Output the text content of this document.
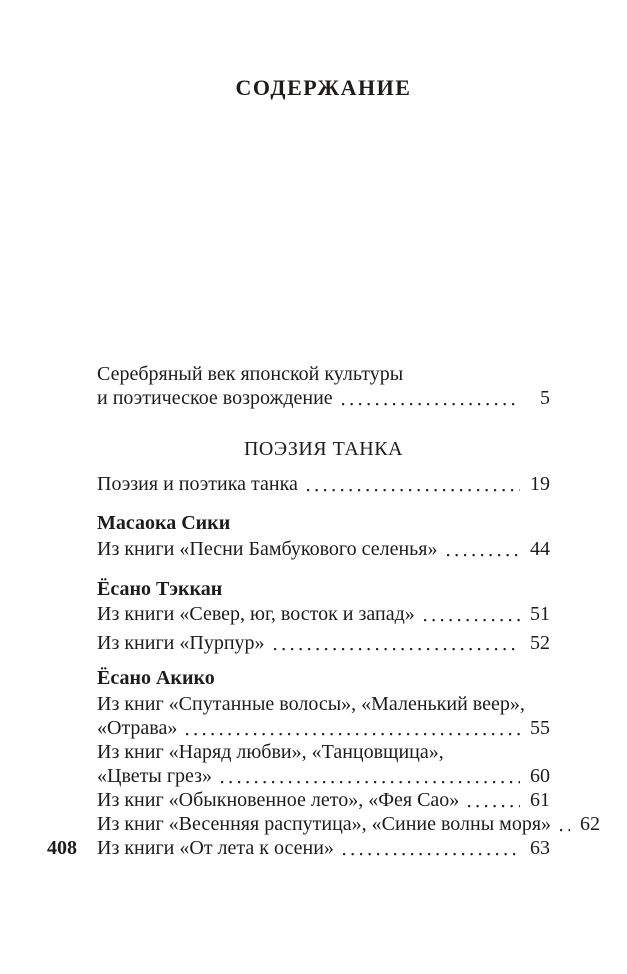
СОДЕРЖАНИЕ
Серебряный век японской культуры
и поэтическое возрождение	5
ПОЭЗИЯ ТАНКА
Поэзия и поэтика танка	19
Масаока Сики
Из книги «Песни Бамбукового селенья»	44
Ёсано Тэккан
Из книги «Север, юг, восток и запад»	51
Из книги «Пурпур»	52
Ёсано Акико
Из книг «Спутанные волосы», «Маленький веер»,
«Отрава»	55
Из книг «Наряд любви», «Танцовщица»,
«Цветы грез»	60
Из книг «Обыкновенное лето», «Фея Сао»	61
Из книг «Весенняя распутица», «Синие волны моря»	62
Из книги «От лета к осени»	63
408
